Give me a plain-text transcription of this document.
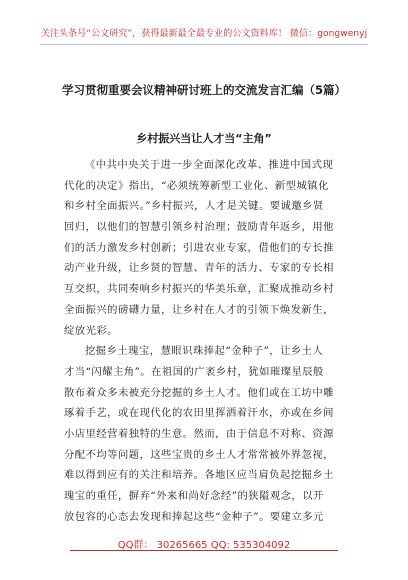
关注头条号“公文研究”，获得最新最全最专业的公文资料库！ 微信：gongwenyj
学习贯彻重要会议精神研讨班上的交流发言汇编（5篇）
乡村振兴当让人才当“主角”
《中共中央关于进一步全面深化改革、推进中国式现
代化的决定》指出，“必须统筹新型工业化、新型城镇化
和乡村全面振兴。”乡村振兴，人才是关键。要诚邀乡贤
回归，以他们的智慧引领乡村治理；鼓励青年返乡，用他
们的活力激发乡村创新；引进农业专家，借他们的专长推
动产业升级，让乡贤的智慧、青年的活力、专家的专长相
互交织，共同奏响乡村振兴的华美乐章，汇聚成推动乡村
全面振兴的磅礴力量，让乡村在人才的引领下焕发新生，
绽放光彩。
挖掘乡土瑰宝，慧眼识珠捧起“金种子”，让乡土人
才当“闪耀主角”。在祖国的广袤乡村，犹如璀璨星辰般
散布着众多未被充分挖掘的乡土人才。他们或在工坊中雕
琢着手艺，或在现代化的农田里挥洒着汗水，亦或在乡间
小店里经营着独特的生意。然而，由于信息不对称、资源
分配不均等问题，这些宝贵的乡土人才常常被外界忽视，
难以得到应有的关注和培养。各地区应当肩负起挖掘乡土
瑰宝的重任，摒弃“外来和尚好念经”的狭隘观念，以开
放包容的心态去发现和捧起这些“金种子”。要建立多元
QQ群： 30265665 QQ: 535304092
